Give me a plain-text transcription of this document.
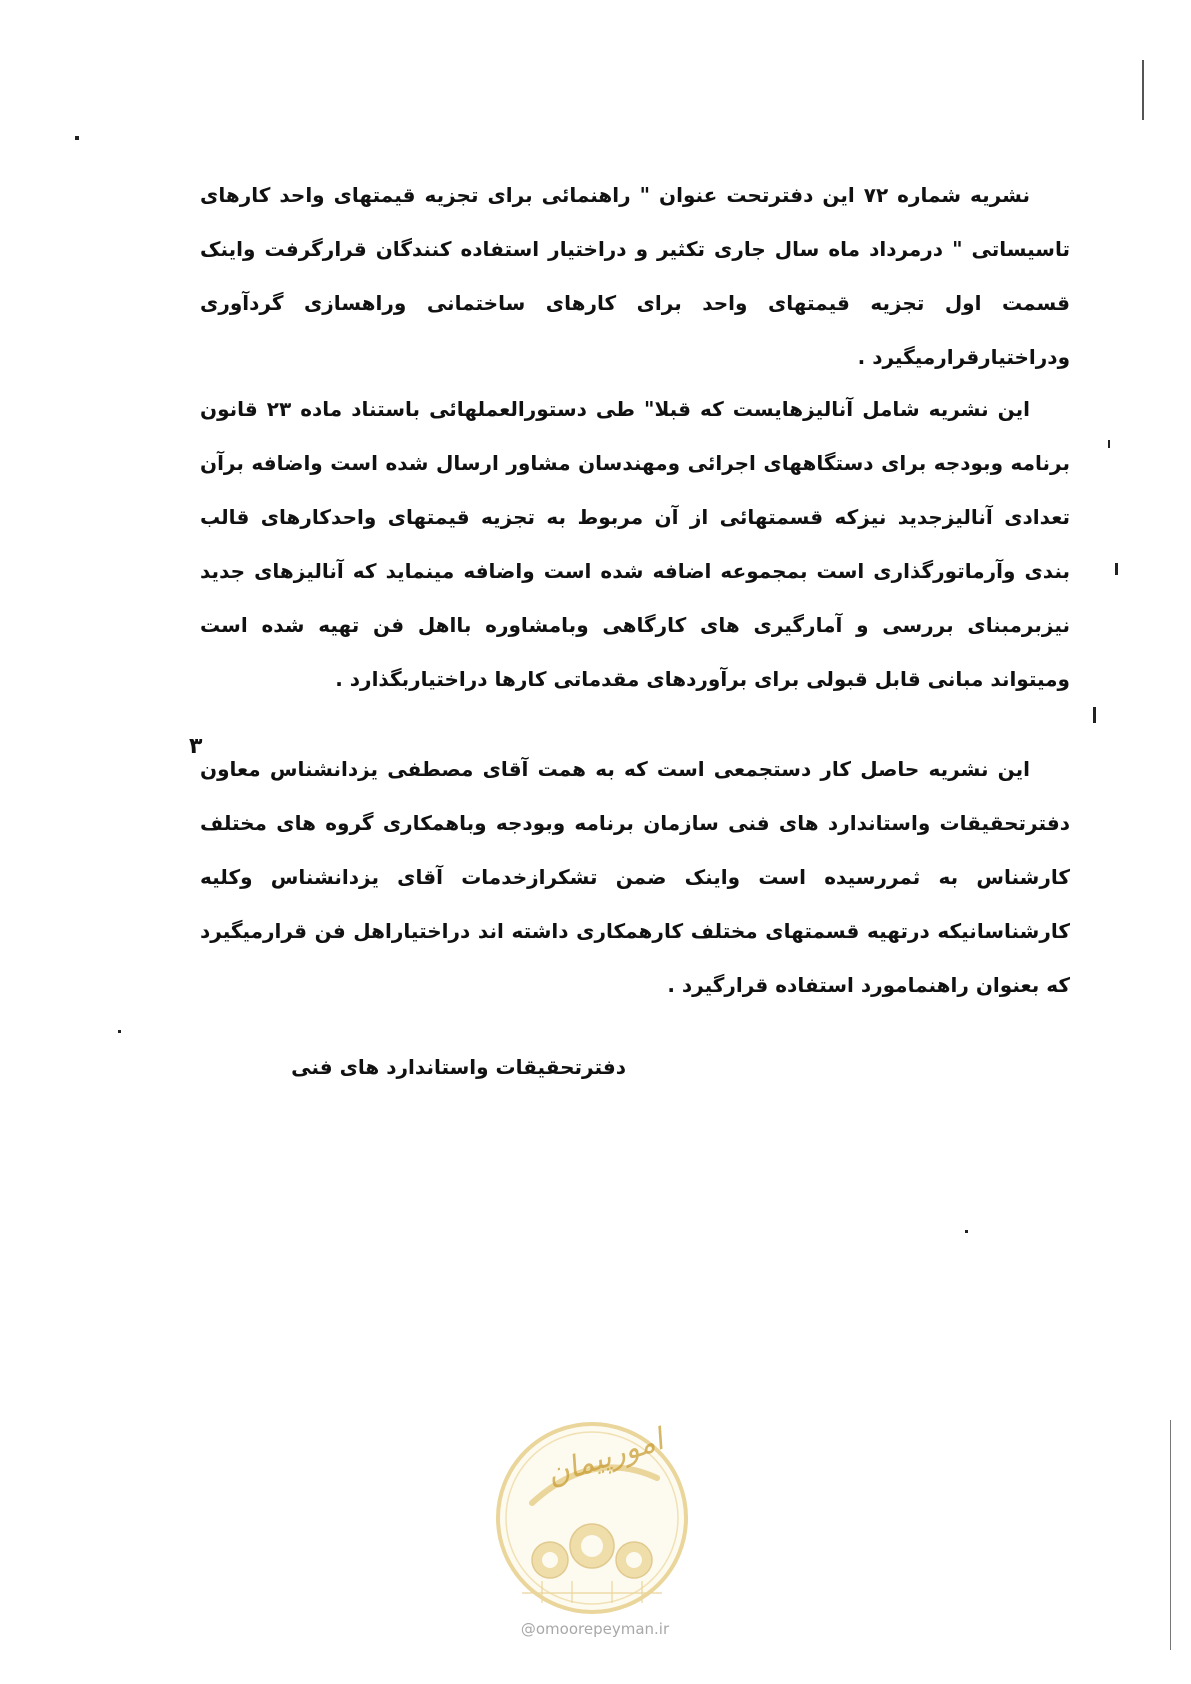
۳

نشریه شماره ۷۲ این دفترتحت عنوان " راهنمائی برای تجزیه قیمتهای واحد کارهای تاسیساتی " درمرداد ماه سال جاری تکثیر و دراختیار استفاده کنندگان قرارگرفت واینک قسمت اول تجزیه قیمتهای واحد برای کارهای ساختمانی وراهسازی گردآوری ودراختیارقرارمیگیرد .

این نشریه شامل آنالیزهایست که قبلا" طی دستورالعملهائی باستناد ماده ۲۳ قانون برنامه وبودجه برای دستگاههای اجرائی ومهندسان مشاور ارسال شده است واضافه برآن تعدادی آنالیزجدید نیزکه قسمتهائی از آن مربوط به تجزیه قیمتهای واحدکارهای قالب بندی وآرماتورگذاری است بمجموعه اضافه شده است واضافه مینماید که آنالیزهای جدید نیزبرمبنای بررسی و آمارگیری های کارگاهی وبامشاوره بااهل فن تهیه شده است ومیتواند مبانی قابل قبولی برای برآوردهای مقدماتی کارها دراختیاربگذارد .

این نشریه حاصل کار دستجمعی است که به همت آقای مصطفی یزدانشناس معاون دفترتحقیقات واستاندارد های فنی سازمان برنامه وبودجه وباهمکاری گروه های مختلف کارشناس به ثمررسیده است واینک ضمن تشکرازخدمات آقای یزدانشناس وکلیه کارشناسانیکه درتهیه قسمتهای مختلف کارهمکاری داشته اند دراختیاراهل فن قرارمیگیرد که بعنوان راهنمامورد استفاده قرارگیرد .

دفترتحقیقات واستاندارد های فنی
امورپیمان
@omoorepeyman.ir
